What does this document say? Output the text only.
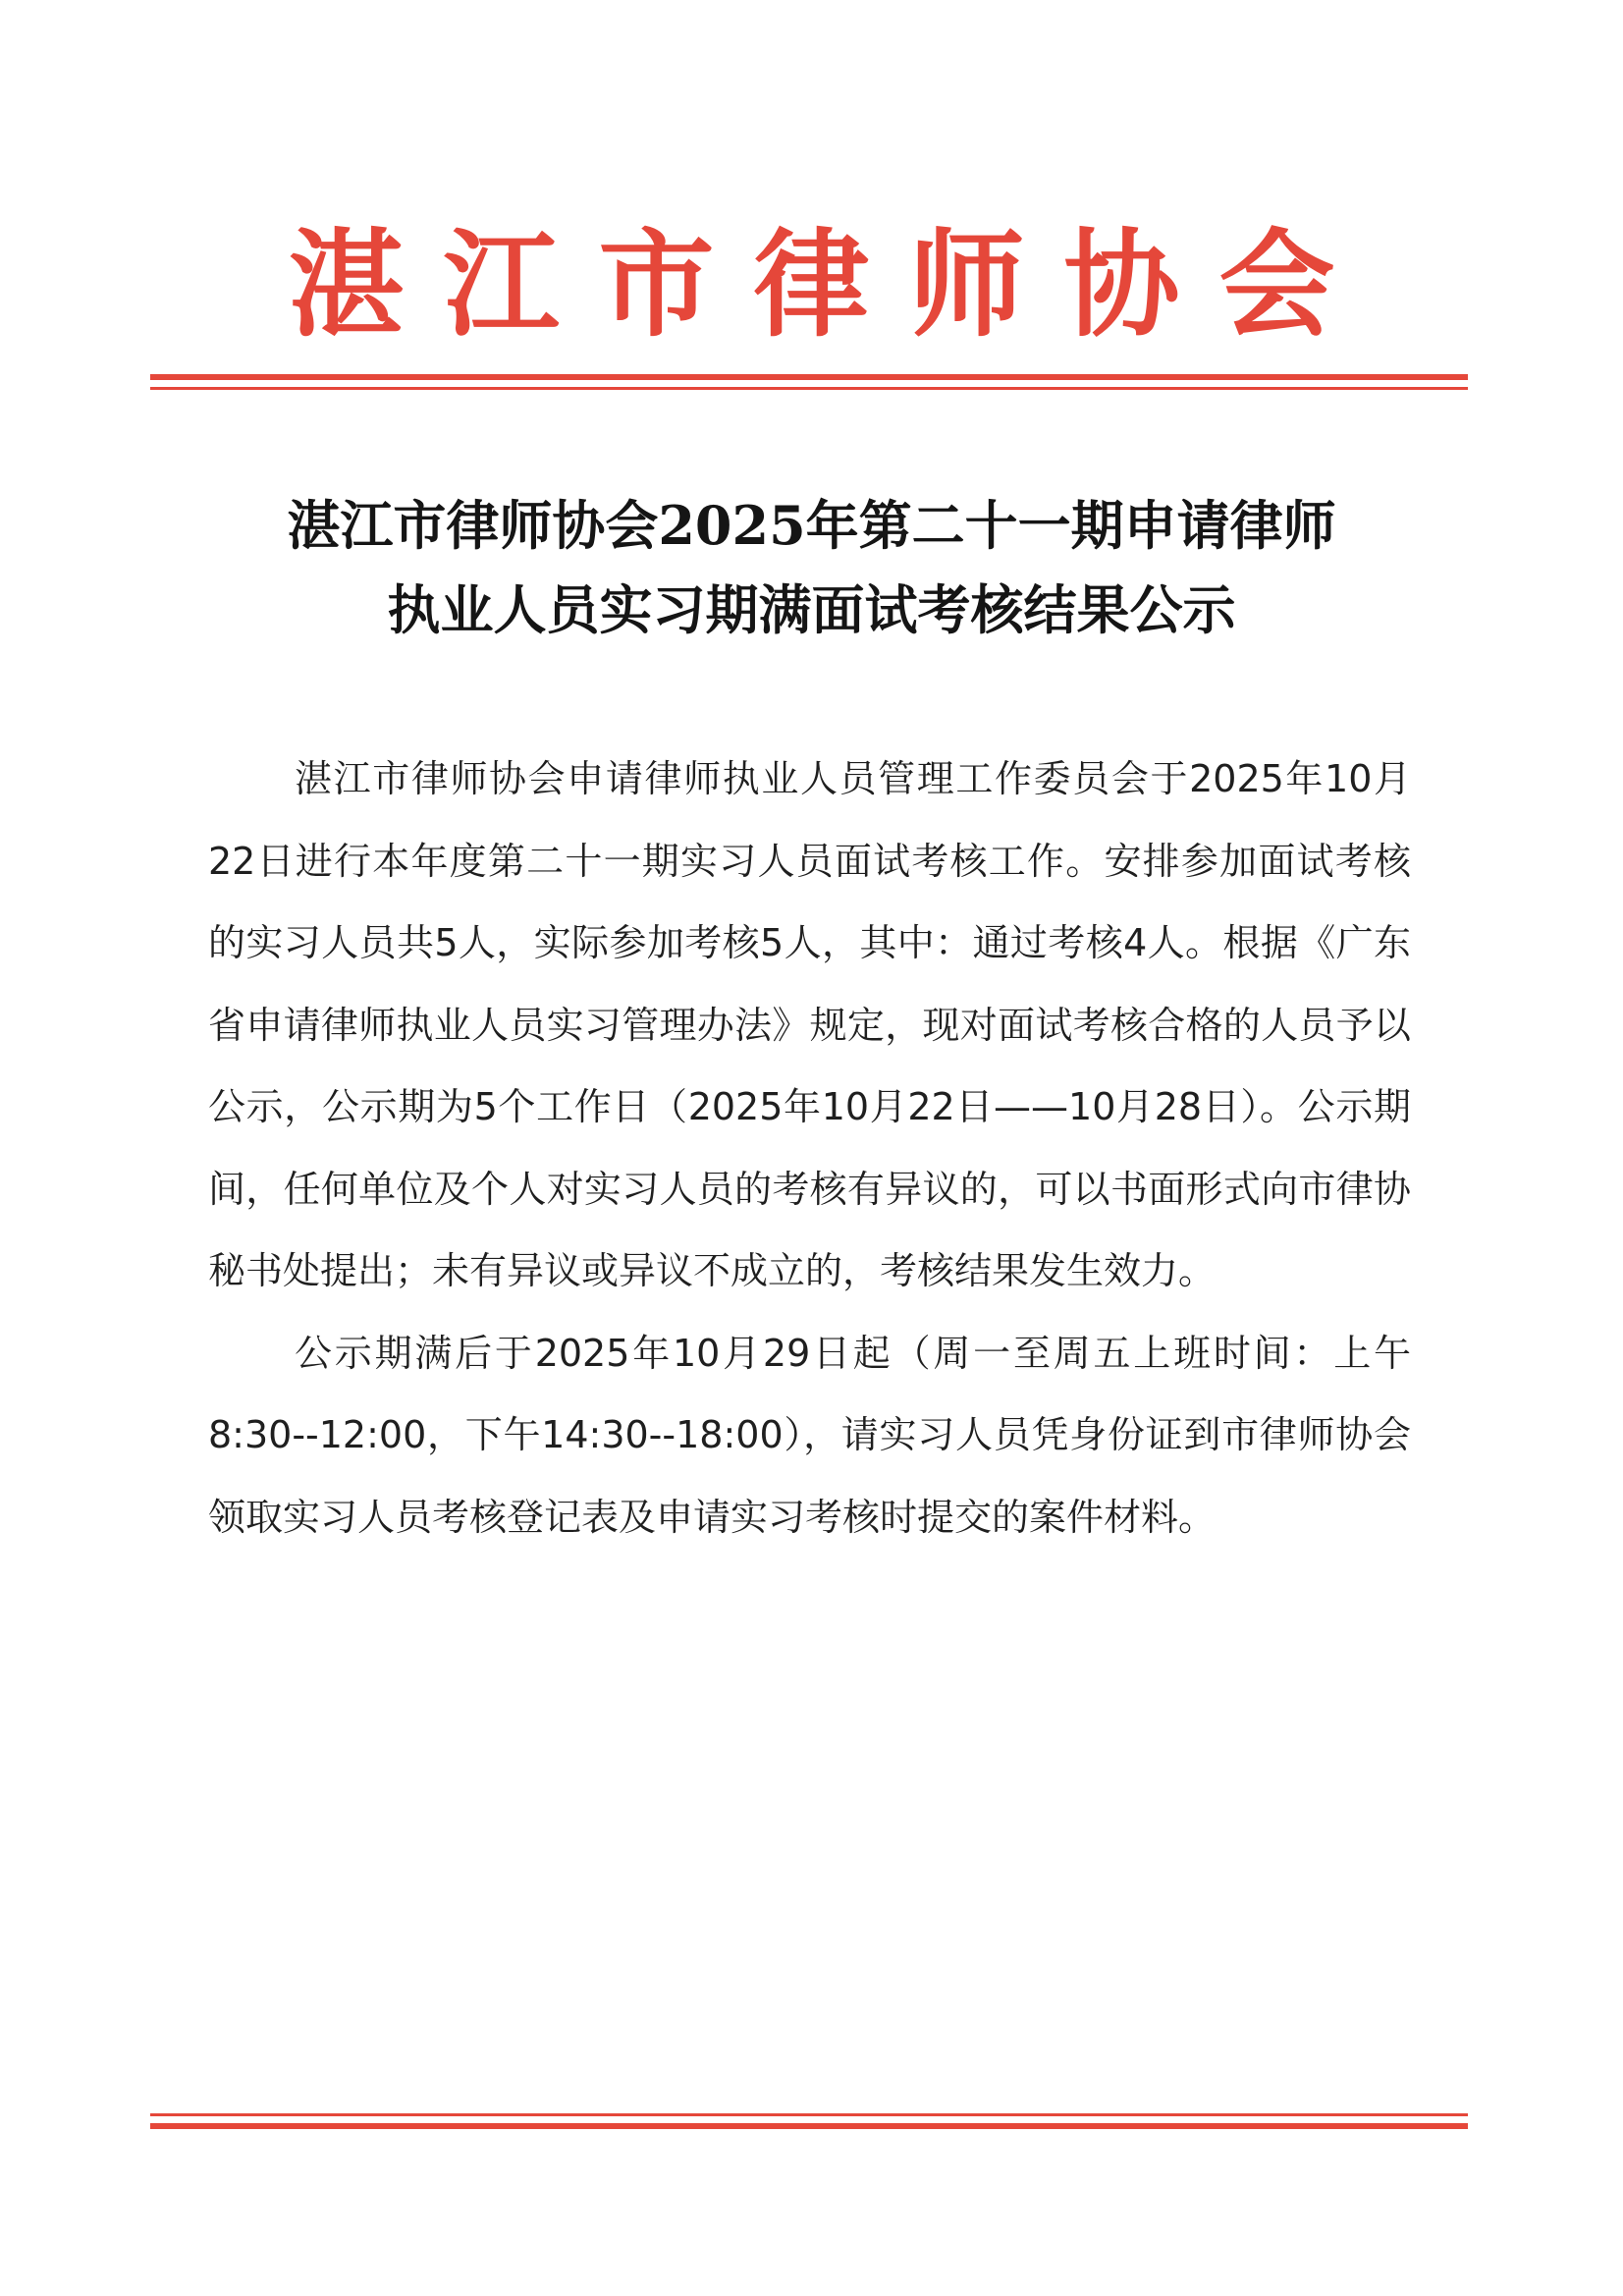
湛江市律师协会
湛江市律师协会2025年第二十一期申请律师
执业人员实习期满面试考核结果公示

湛江市律师协会申请律师执业人员管理工作委员会于2025年10月22日进行本年度第二十一期实习人员面试考核工作。安排参加面试考核的实习人员共5人，实际参加考核5人，其中：通过考核4人。根据《广东省申请律师执业人员实习管理办法》规定，现对面试考核合格的人员予以公示，公示期为5个工作日（2025年10月22日——10月28日）。公示期间，任何单位及个人对实习人员的考核有异议的，可以书面形式向市律协秘书处提出；未有异议或异议不成立的，考核结果发生效力。

公示期满后于2025年10月29日起（周一至周五上班时间：上午8:30--12:00，下午14:30--18:00），请实习人员凭身份证到市律师协会领取实习人员考核登记表及申请实习考核时提交的案件材料。
